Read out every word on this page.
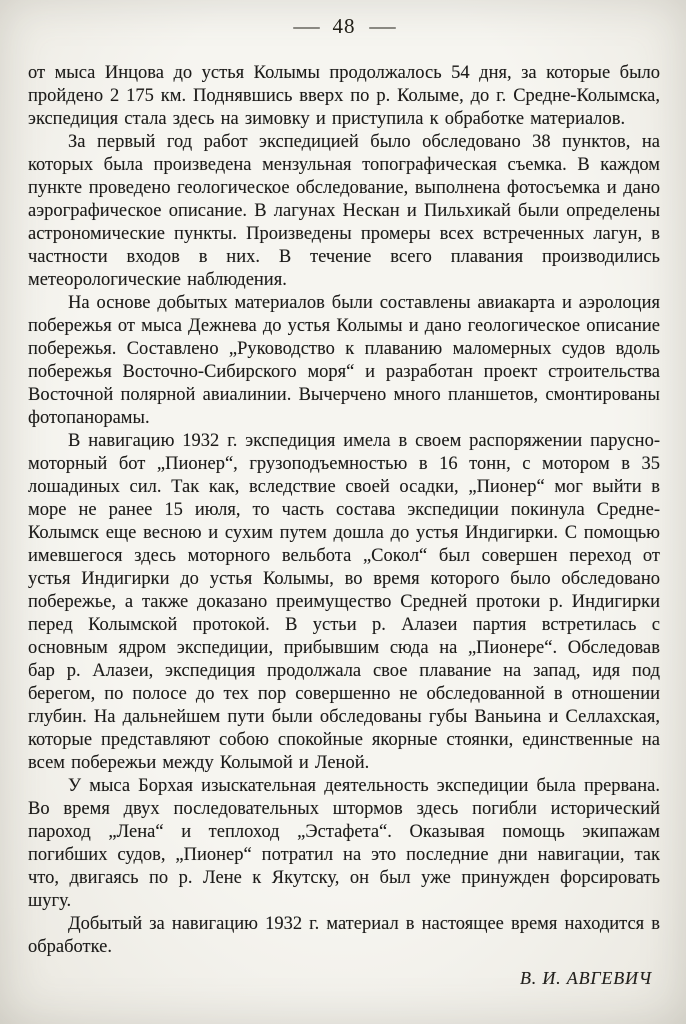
— 48 —

от мыса Инцова до устья Колымы продолжалось 54 дня, за которые было пройдено 2 175 км. Поднявшись вверх по р. Колыме, до г. Средне-Колымска, экспедиция стала здесь на зимовку и приступила к обработке материалов.

За первый год работ экспедицией было обследовано 38 пунктов, на которых была произведена мензульная топографическая съемка. В каждом пункте проведено геологическое обследование, выполнена фотосъемка и дано аэрографическое описание. В лагунах Нескан и Пильхикай были определены астрономические пункты. Произведены промеры всех встреченных лагун, в частности входов в них. В течение всего плавания производились метеорологические наблюдения.

На основе добытых материалов были составлены авиакарта и аэролоция побережья от мыса Дежнева до устья Колымы и дано геологическое описание побережья. Составлено „Руководство к плаванию маломерных судов вдоль побережья Восточно-Сибирского моря“ и разработан проект строительства Восточной полярной авиалинии. Вычерчено много планшетов, смонтированы фотопанорамы.

В навигацию 1932 г. экспедиция имела в своем распоряжении парусно-моторный бот „Пионер“, грузоподъемностью в 16 тонн, с мотором в 35 лошадиных сил. Так как, вследствие своей осадки, „Пионер“ мог выйти в море не ранее 15 июля, то часть состава экспедиции покинула Средне-Колымск еще весною и сухим путем дошла до устья Индигирки. С помощью имевшегося здесь моторного вельбота „Сокол“ был совершен переход от устья Индигирки до устья Колымы, во время которого было обследовано побережье, а также доказано преимущество Средней протоки р. Индигирки перед Колымской протокой. В устьи р. Алазеи партия встретилась с основным ядром экспедиции, прибывшим сюда на „Пионере“. Обследовав бар р. Алазеи, экспедиция продолжала свое плавание на запад, идя под берегом, по полосе до тех пор совершенно не обследованной в отношении глубин. На дальнейшем пути были обследованы губы Ваньина и Селлахская, которые представляют собою спокойные якорные стоянки, единственные на всем побережьи между Колымой и Леной.

У мыса Борхая изыскательная деятельность экспедиции была прервана. Во время двух последовательных штормов здесь погибли исторический пароход „Лена“ и теплоход „Эстафета“. Оказывая помощь экипажам погибших судов, „Пионер“ потратил на это последние дни навигации, так что, двигаясь по р. Лене к Якутску, он был уже принужден форсировать шугу.

Добытый за навигацию 1932 г. материал в настоящее время находится в обработке.

В. И. АВГЕВИЧ
